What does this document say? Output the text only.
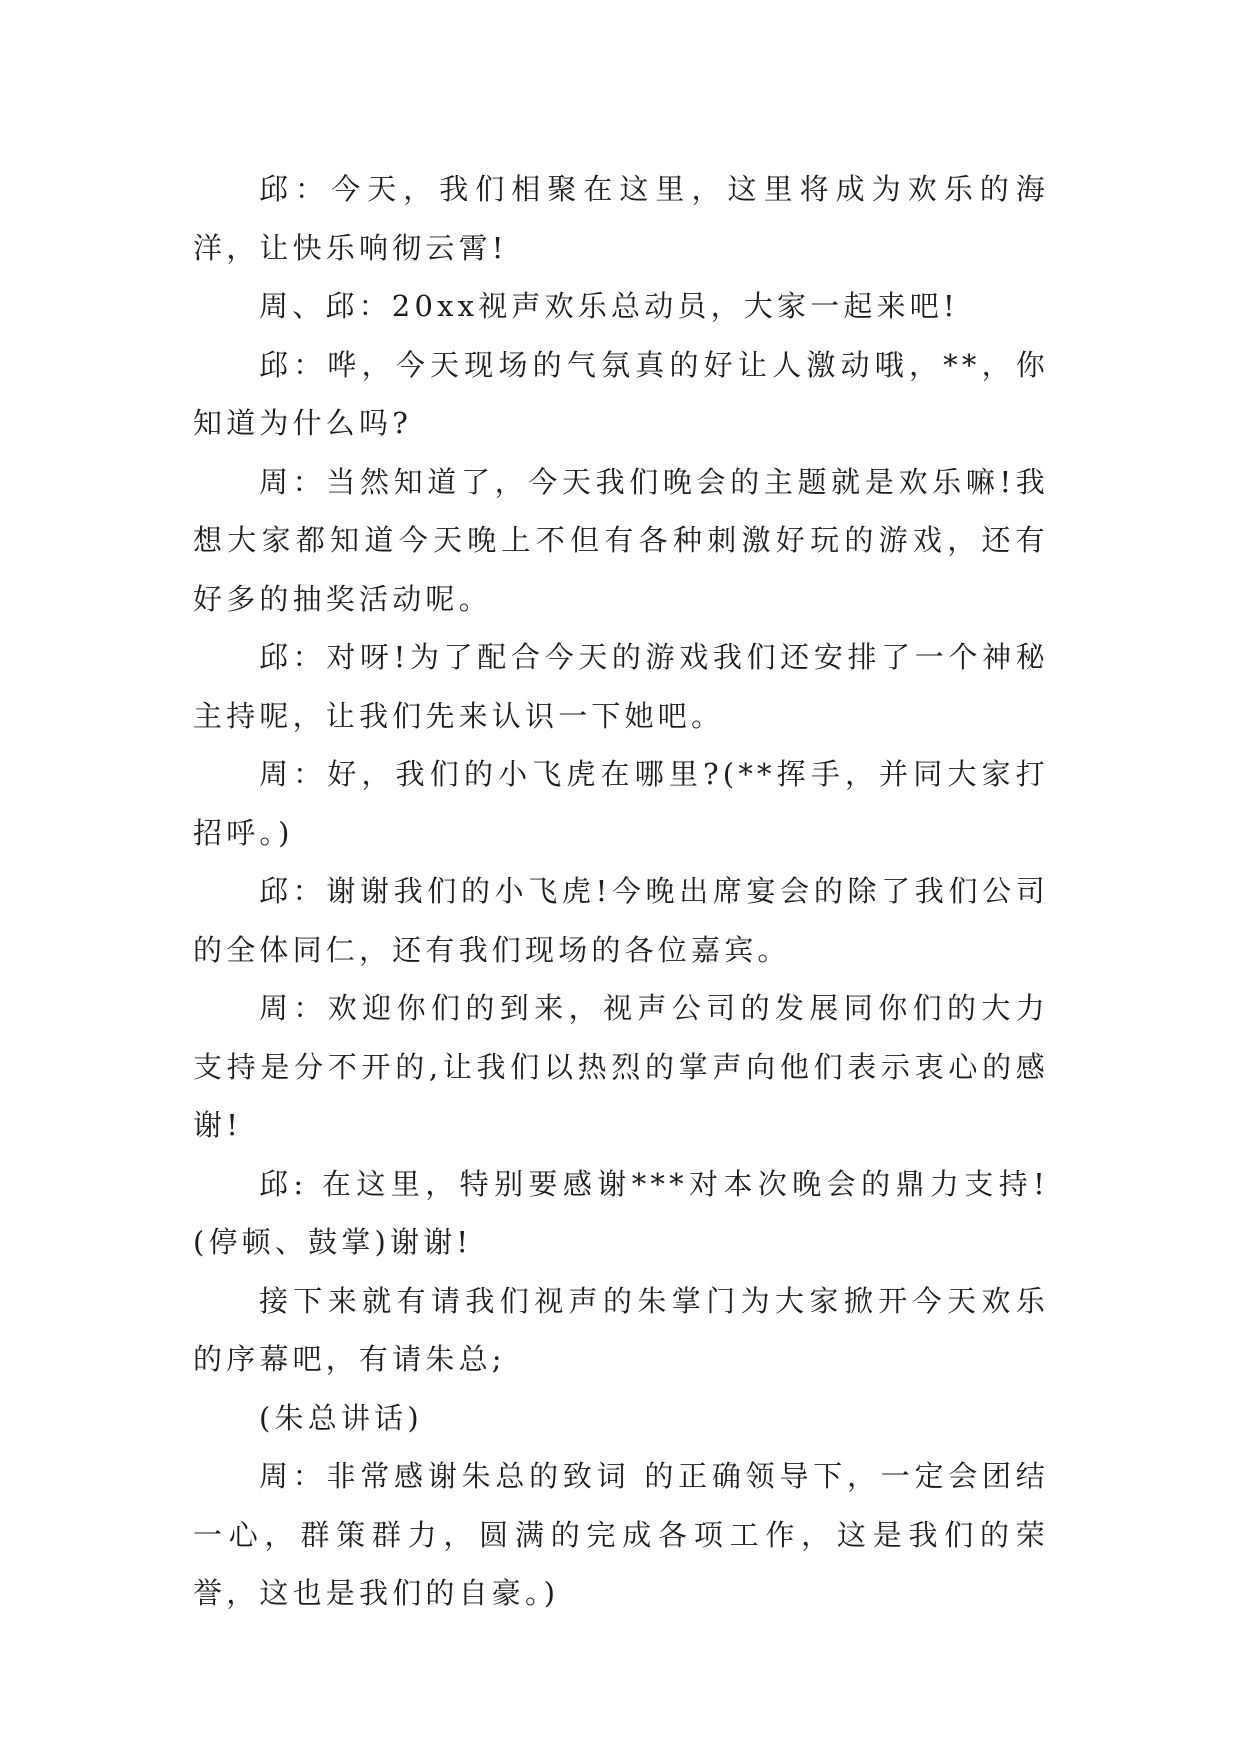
邱：今天，我们相聚在这里，这里将成为欢乐的海洋，让快乐响彻云霄!

周、邱：20xx视声欢乐总动员，大家一起来吧!

邱：哗，今天现场的气氛真的好让人激动哦，**，你知道为什么吗?

周：当然知道了，今天我们晚会的主题就是欢乐嘛!我想大家都知道今天晚上不但有各种刺激好玩的游戏，还有好多的抽奖活动呢。

邱：对呀!为了配合今天的游戏我们还安排了一个神秘主持呢，让我们先来认识一下她吧。

周：好，我们的小飞虎在哪里?(**挥手，并同大家打招呼。)

邱：谢谢我们的小飞虎!今晚出席宴会的除了我们公司的全体同仁，还有我们现场的各位嘉宾。

周：欢迎你们的到来，视声公司的发展同你们的大力支持是分不开的,让我们以热烈的掌声向他们表示衷心的感谢!

邱: 在这里，特别要感谢***对本次晚会的鼎力支持!(停顿、鼓掌)谢谢!

接下来就有请我们视声的朱掌门为大家掀开今天欢乐的序幕吧，有请朱总;

(朱总讲话)

周：非常感谢朱总的致词 的正确领导下，一定会团结一心，群策群力，圆满的完成各项工作，这是我们的荣誉，这也是我们的自豪。)
